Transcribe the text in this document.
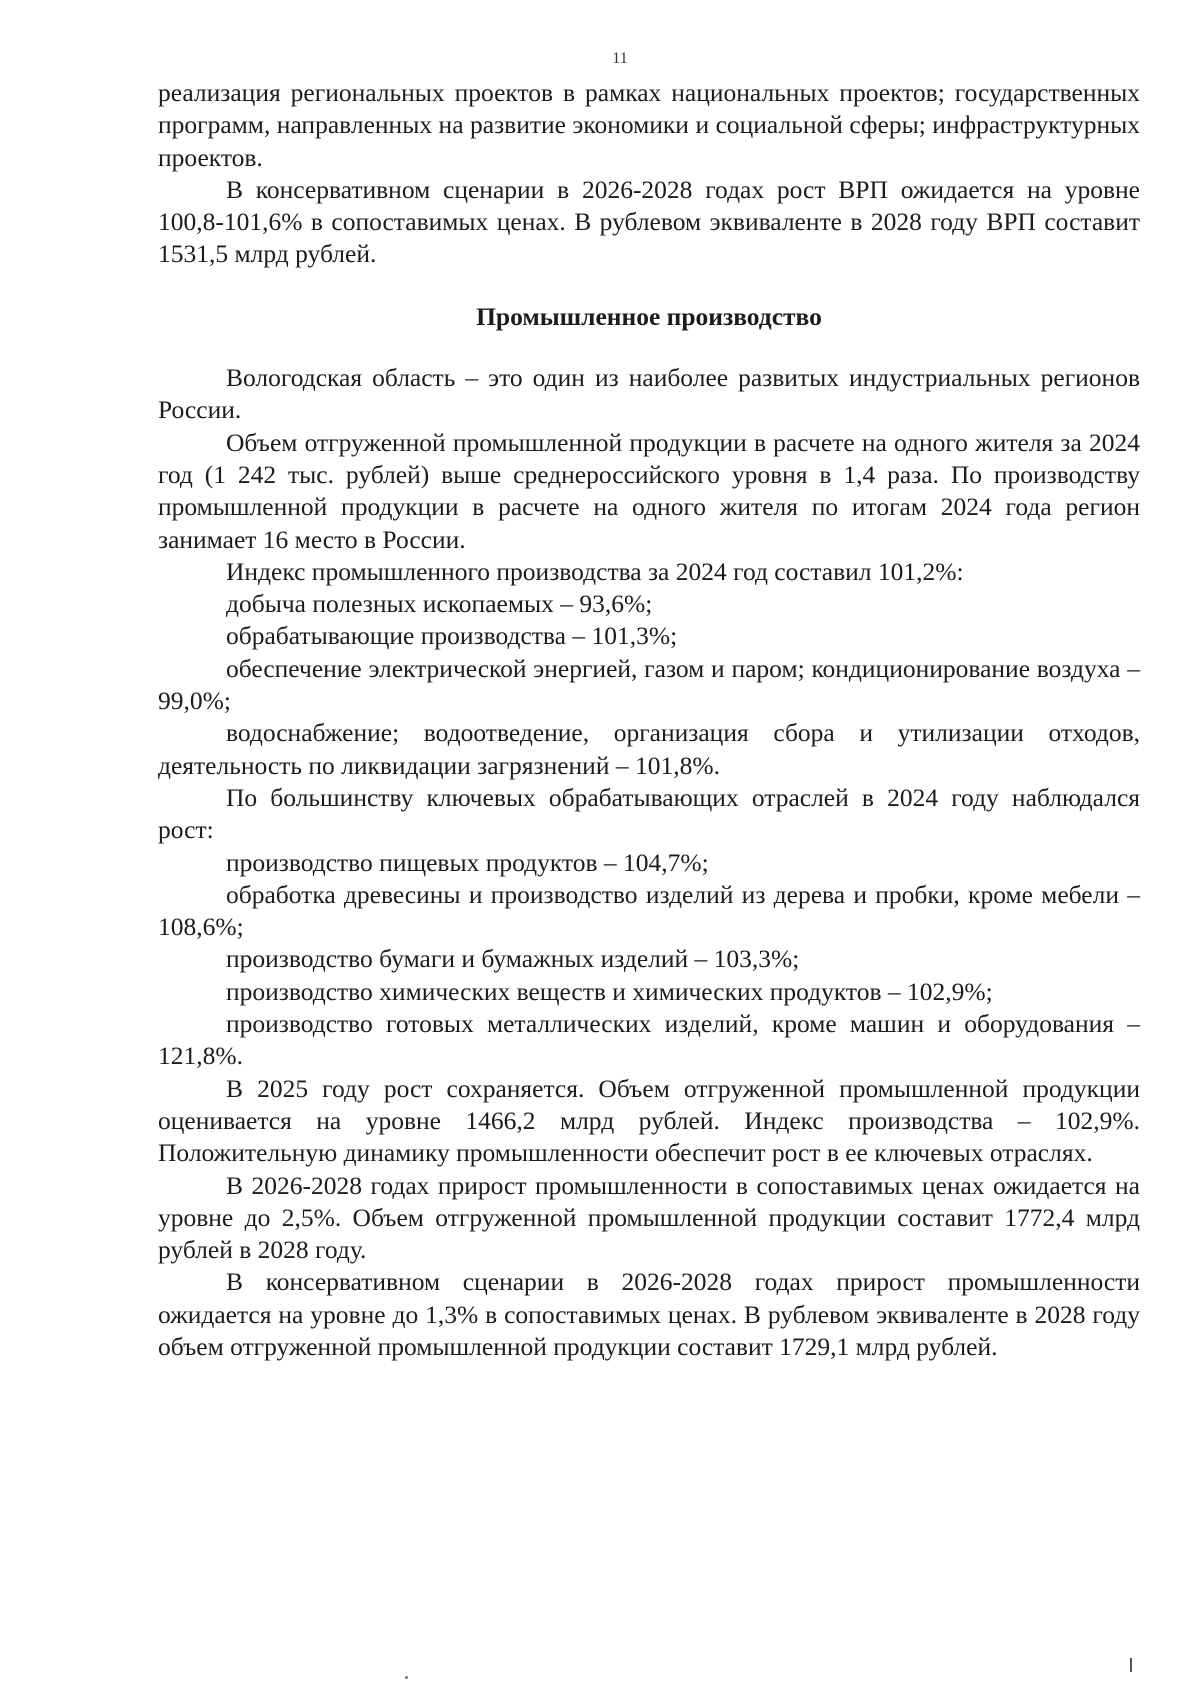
11

реализация региональных проектов в рамках национальных проектов; государственных программ, направленных на развитие экономики и социальной сферы; инфраструктурных проектов.

В консервативном сценарии в 2026-2028 годах рост ВРП ожидается на уровне 100,8-101,6% в сопоставимых ценах. В рублевом эквиваленте в 2028 году ВРП составит 1531,5 млрд рублей.

Промышленное производство

Вологодская область – это один из наиболее развитых индустриальных регионов России.

Объем отгруженной промышленной продукции в расчете на одного жителя за 2024 год (1 242 тыс. рублей) выше среднероссийского уровня в 1,4 раза. По производству промышленной продукции в расчете на одного жителя по итогам 2024 года регион занимает 16 место в России.

Индекс промышленного производства за 2024 год составил 101,2%:

добыча полезных ископаемых – 93,6%;

обрабатывающие производства – 101,3%;

обеспечение электрической энергией, газом и паром; кондиционирование воздуха – 99,0%;

водоснабжение; водоотведение, организация сбора и утилизации отходов, деятельность по ликвидации загрязнений – 101,8%.

По большинству ключевых обрабатывающих отраслей в 2024 году наблюдался рост:

производство пищевых продуктов – 104,7%;

обработка древесины и производство изделий из дерева и пробки, кроме мебели – 108,6%;

производство бумаги и бумажных изделий – 103,3%;

производство химических веществ и химических продуктов – 102,9%;

производство готовых металлических изделий, кроме машин и оборудования – 121,8%.

В 2025 году рост сохраняется. Объем отгруженной промышленной продукции оценивается на уровне 1466,2 млрд рублей. Индекс производства – 102,9%. Положительную динамику промышленности обеспечит рост в ее ключевых отраслях.

В 2026-2028 годах прирост промышленности в сопоставимых ценах ожидается на уровне до 2,5%. Объем отгруженной промышленной продукции составит 1772,4 млрд рублей в 2028 году.

В консервативном сценарии в 2026-2028 годах прирост промышленности ожидается на уровне до 1,3% в сопоставимых ценах. В рублевом эквиваленте в 2028 году объем отгруженной промышленной продукции составит 1729,1 млрд рублей.
